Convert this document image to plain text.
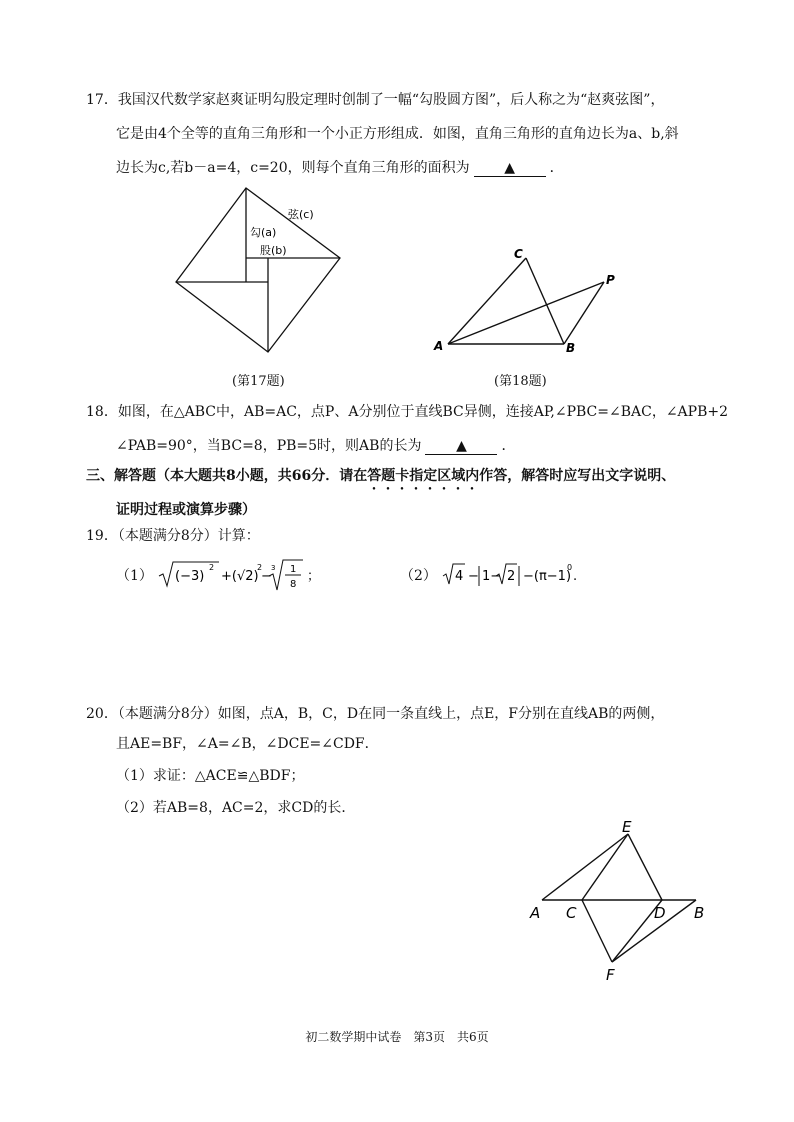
17．我国汉代数学家赵爽证明勾股定理时创制了一幅“勾股圆方图”，后人称之为“赵爽弦图”，
它是由4个全等的直角三角形和一个小正方形组成．如图，直角三角形的直角边长为a、b,斜
边长为c,若b－a=4，c=20，则每个直角三角形的面积为 ▲ ．
弦(c)
勾(a)
股(b)
(第17题)
C
P
A	B
(第18题)
18．如图，在△ABC中，AB=AC，点P、A分别位于直线BC异侧，连接AP,∠PBC=∠BAC，∠APB+2
∠PAB=90°，当BC=8，PB=5时，则AB的长为 ▲ ．
三、解答题（本大题共8小题，共66分．请在答题卡指定区域内作答，解答时应写出文字说明、
证明过程或演算步骤）
19．（本题满分8分）计算：
（1） (−3)
2
+(√2)
2
−
3 1
8
；	（2） 4 − 1− 2 −(π−1)
0
.
20．（本题满分8分）如图，点A，B，C，D在同一条直线上，点E，F分别在直线AB的两侧，
且AE=BF，∠A=∠B，∠DCE=∠CDF．
（1）求证：△ACE≌△BDF；
（2）若AB=8，AC=2，求CD的长．
E
A C	D B
F
初二数学期中试卷　第3页　共6页
